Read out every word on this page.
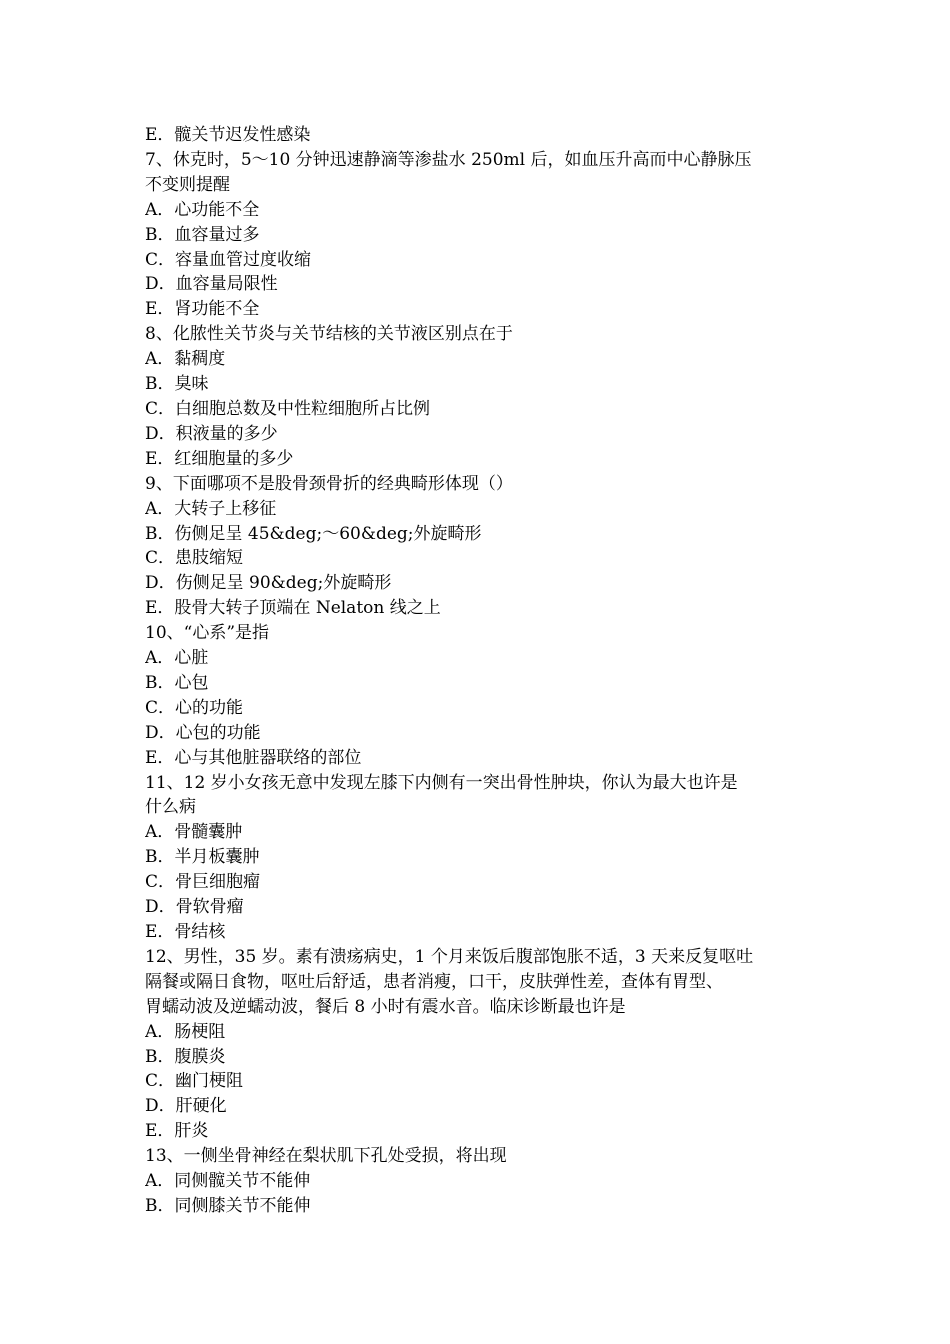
E．髋关节迟发性感染
7、休克时，5～10 分钟迅速静滴等渗盐水 250ml 后，如血压升高而中心静脉压
不变则提醒
A．心功能不全
B．血容量过多
C．容量血管过度收缩
D．血容量局限性
E．肾功能不全
8、化脓性关节炎与关节结核的关节液区别点在于
A．黏稠度
B．臭味
C．白细胞总数及中性粒细胞所占比例
D．积液量的多少
E．红细胞量的多少
9、下面哪项不是股骨颈骨折的经典畸形体现（）
A．大转子上移征
B．伤侧足呈 45&deg;～60&deg;外旋畸形
C．患肢缩短
D．伤侧足呈 90&deg;外旋畸形
E．股骨大转子顶端在 Nelaton 线之上
10、“心系”是指
A．心脏
B．心包
C．心的功能
D．心包的功能
E．心与其他脏器联络的部位
11、12 岁小女孩无意中发现左膝下内侧有一突出骨性肿块，你认为最大也许是
什么病
A．骨髓囊肿
B．半月板囊肿
C．骨巨细胞瘤
D．骨软骨瘤
E．骨结核
12、男性，35 岁。素有溃疡病史，1 个月来饭后腹部饱胀不适，3 天来反复呕吐
隔餐或隔日食物，呕吐后舒适，患者消瘦，口干，皮肤弹性差，查体有胃型、
胃蠕动波及逆蠕动波，餐后 8 小时有震水音。临床诊断最也许是
A．肠梗阻
B．腹膜炎
C．幽门梗阻
D．肝硬化
E．肝炎
13、一侧坐骨神经在梨状肌下孔处受损，将出现
A．同侧髋关节不能伸
B．同侧膝关节不能伸
